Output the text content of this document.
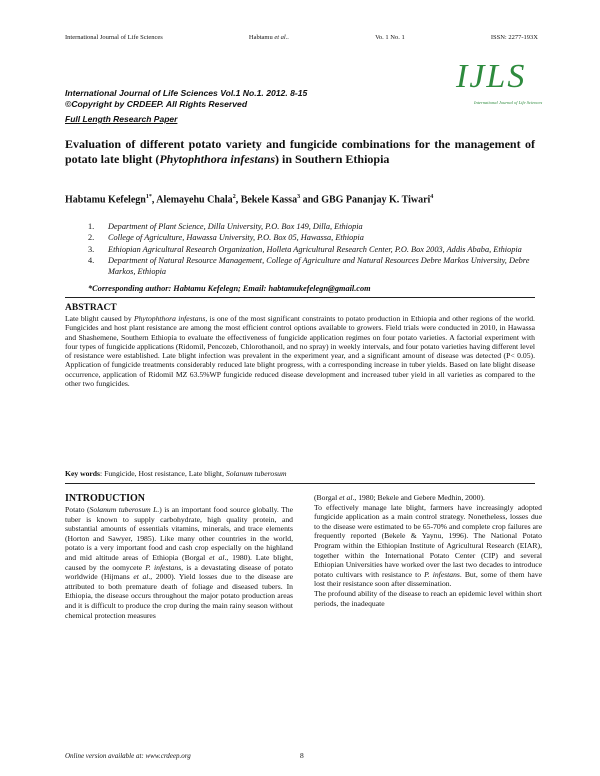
International Journal of Life Sciences	Habtamu et al..	Vo. 1 No. 1	ISSN: 2277-193X
International Journal of Life Sciences Vol.1 No.1. 2012. 8-15
©Copyright by CRDEEP. All Rights Reserved
IJLS
International Journal of Life Sciences
Full Length Research Paper
Evaluation of different potato variety and fungicide combinations for the management of potato late blight (Phytophthora infestans) in Southern Ethiopia
Habtamu Kefelegn$^{1*}$, Alemayehu Chala$^2$, Bekele Kassa$^3$ and GBG Pananjay K. Tiwari$^4$
1. Department of Plant Science, Dilla University, P.O. Box 149, Dilla, Ethiopia
2. College of Agriculture, Hawassa University, P.O. Box 05, Hawassa, Ethiopia
3. Ethiopian Agricultural Research Organization, Holleta Agricultural Research Center, P.O. Box 2003, Addis Ababa, Ethiopia
4. Department of Natural Resource Management, College of Agriculture and Natural Resources Debre Markos University, Debre Markos, Ethiopia
*Corresponding author: Habtamu Kefelegn; Email: habtamukefelegn@gmail.com
ABSTRACT

Late blight caused by Phytophthora infestans, is one of the most significant constraints to potato production in Ethiopia and other regions of the world. Fungicides and host plant resistance are among the most efficient control options available to growers. Field trials were conducted in 2010, in Hawassa and Shashemene, Southern Ethiopia to evaluate the effectiveness of fungicide application regimes on four potato varieties. A factorial experiment with four types of fungicide applications (Ridomil, Pencozeb, Chlorothanoil, and no spray) in weekly intervals, and four potato varieties having different level of resistance were established. Late blight infection was prevalent in the experiment year, and a significant amount of disease was detected (P< 0.05). Application of fungicide treatments considerably reduced late blight progress, with a corresponding increase in tuber yields. Based on late blight disease occurrence, application of Ridomil MZ 63.5%WP fungicide reduced disease development and increased tuber yield in all varieties as compared to the other two fungicides.

Key words: Fungicide, Host resistance, Late blight, Solanum tuberosum
INTRODUCTION

Potato (Solanum tuberosum L.) is an important food source globally. The tuber is known to supply carbohydrate, high quality protein, and substantial amounts of essentials vitamins, minerals, and trace elements (Horton and Sawyer, 1985). Like many other countries in the world, potato is a very important food and cash crop especially on the highland and mid altitude areas of Ethiopia (Borgal et al., 1980). Late blight, caused by the oomycete P. infestans, is a devastating disease of potato worldwide (Hijmans et al., 2000). Yield losses due to the disease are attributed to both premature death of foliage and diseased tubers. In Ethiopia, the disease occurs throughout the major potato production areas and it is difficult to produce the crop during the main rainy season without chemical protection measures

(Borgal et al., 1980; Bekele and Gebere Medhin, 2000).

To effectively manage late blight, farmers have increasingly adopted fungicide application as a main control strategy. Nonetheless, losses due to the disease were estimated to be 65-70% and complete crop failures are frequently reported (Bekele & Yaynu, 1996). The National Potato Program within the Ethiopian Institute of Agricultural Research (EIAR), together within the International Potato Center (CIP) and several Ethiopian Universities have worked over the last two decades to introduce potato cultivars with resistance to P. infestans. But, some of them have lost their resistance soon after dissemination.

The profound ability of the disease to reach an epidemic level within short periods, the inadequate

Online version available at: www.crdeep.org	8
